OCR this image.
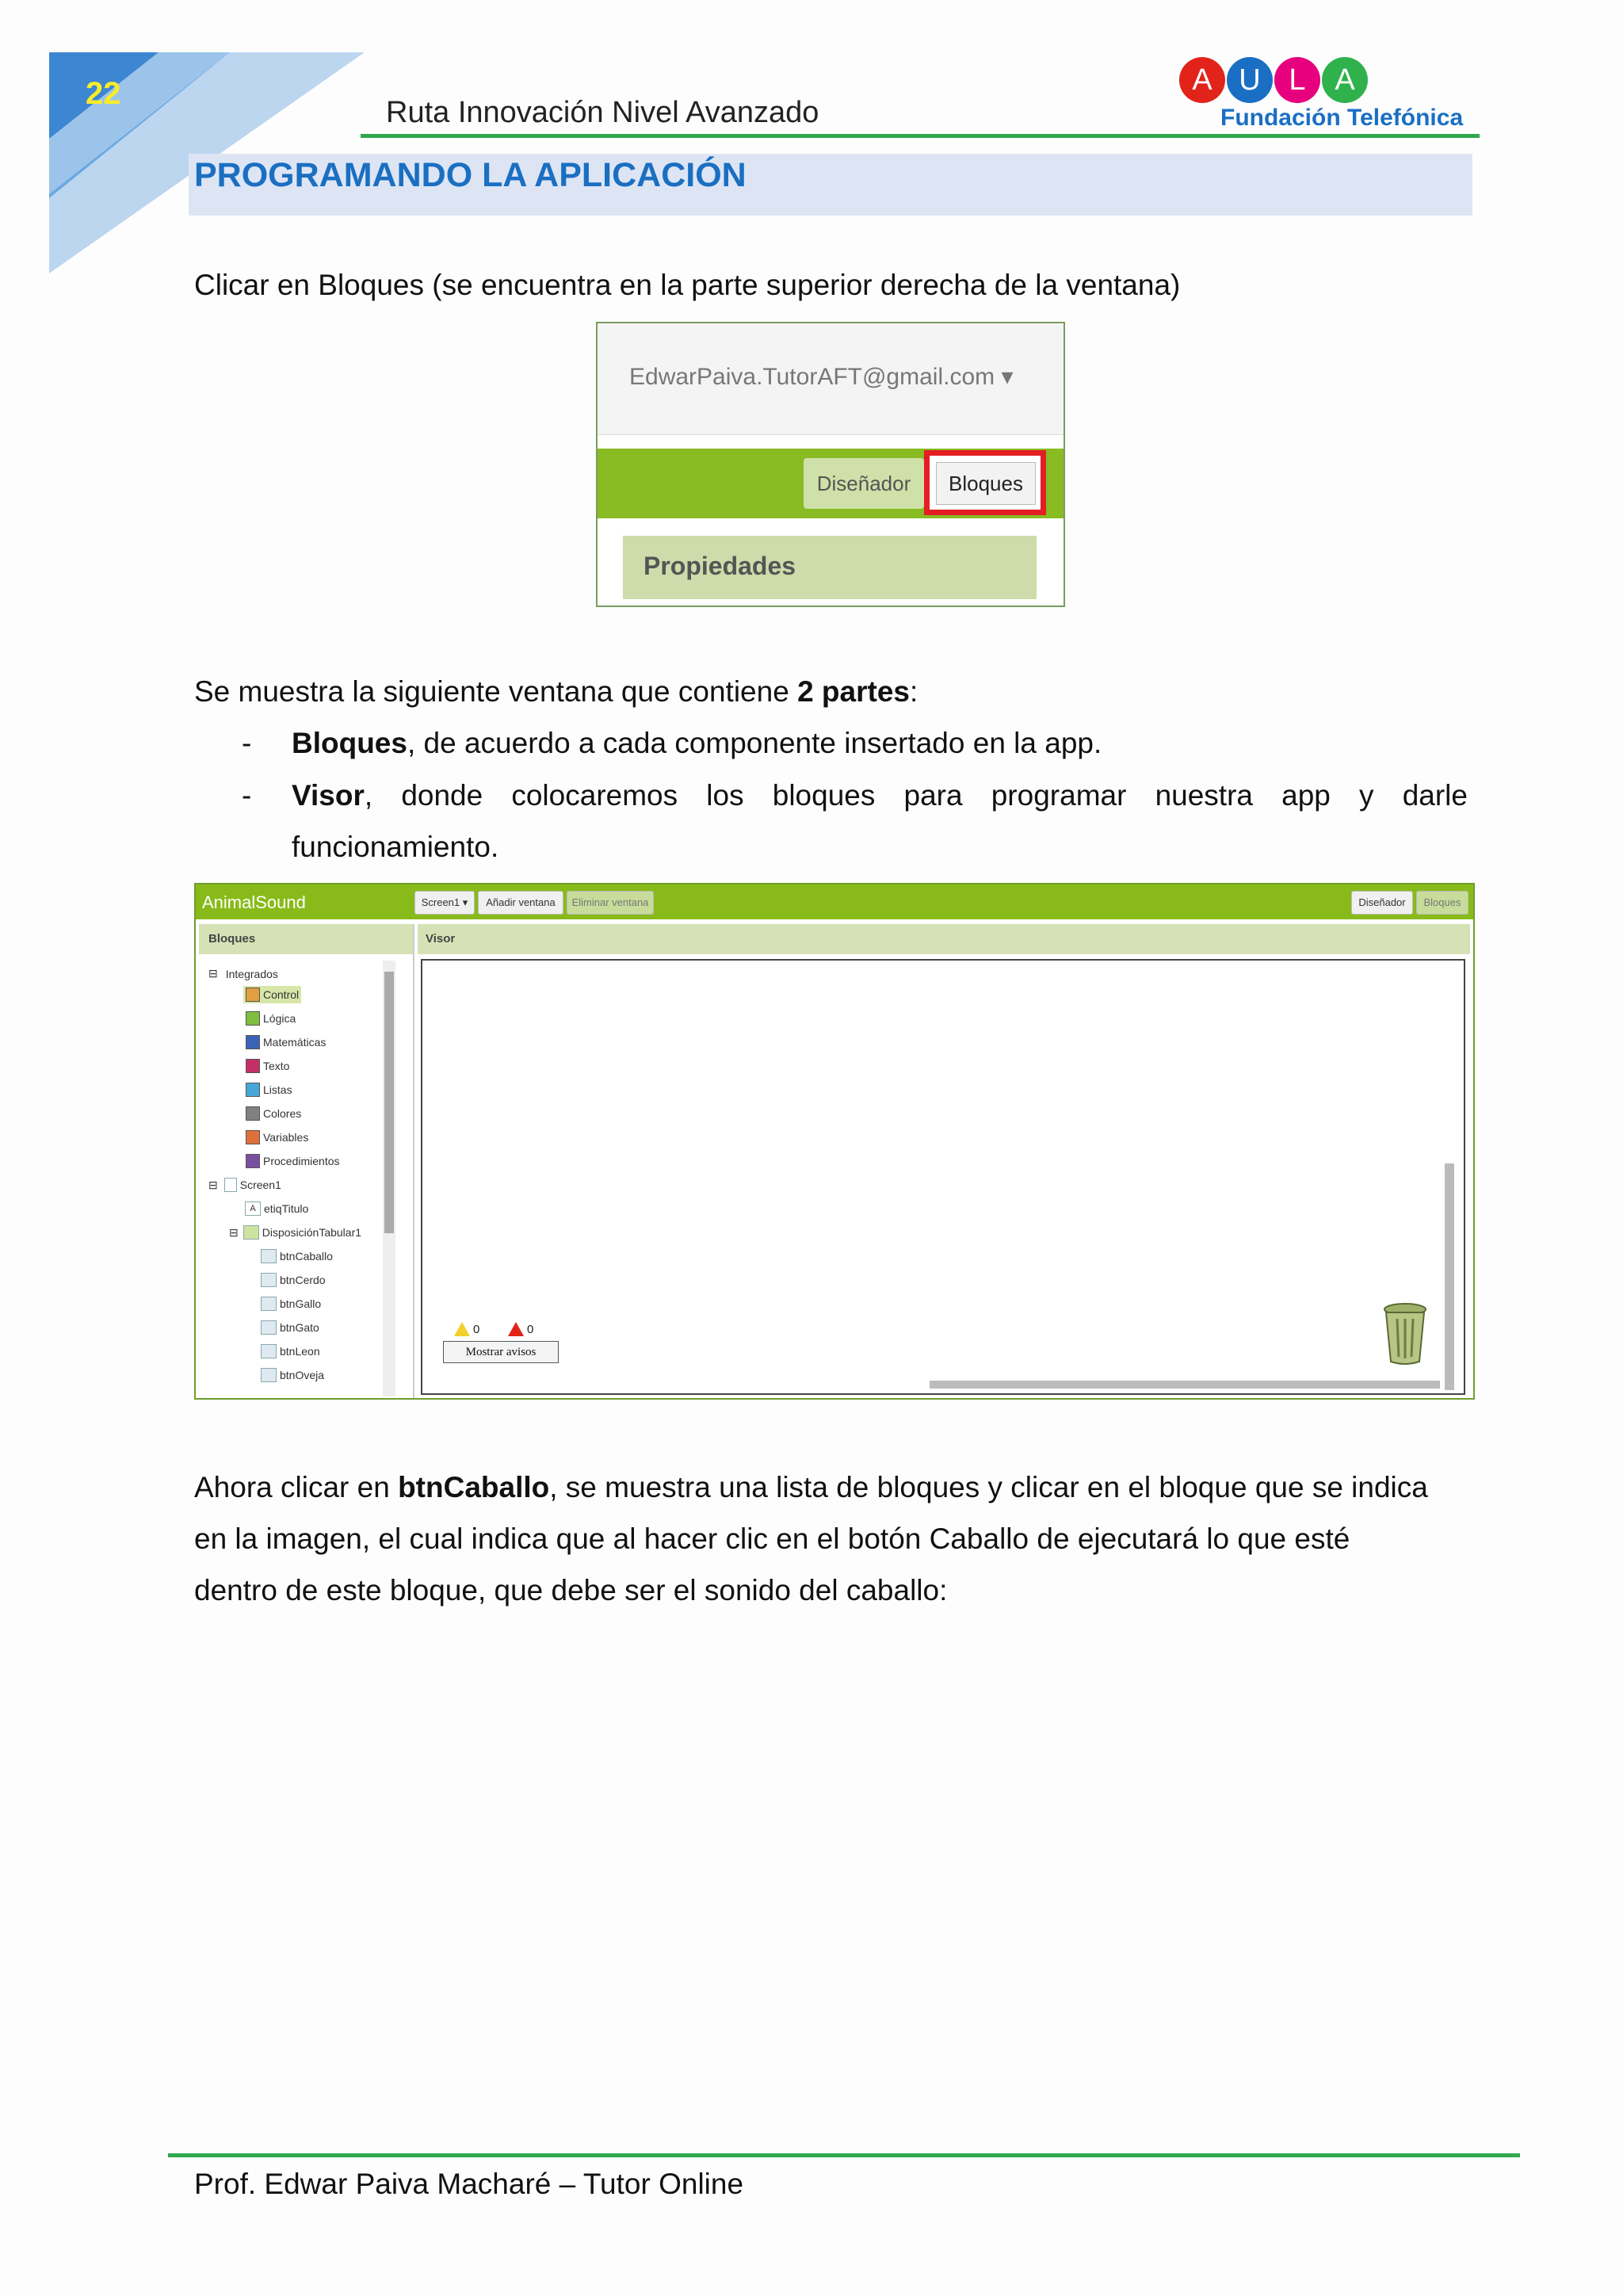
22
Ruta Innovación Nivel Avanzado
A U L A
Fundación Telefónica
PROGRAMANDO LA APLICACIÓN
Clicar en Bloques (se encuentra en la parte superior derecha de la ventana)
EdwarPaiva.TutorAFT@gmail.com ▾
Diseñador	Bloques
Propiedades
Se muestra la siguiente ventana que contiene 2 partes:
- Bloques, de acuerdo a cada componente insertado en la app.
- Visor, donde colocaremos los bloques para programar nuestra app y darle
funcionamiento.
AnimalSound	Screen1 ▾	Añadir ventana	Eliminar ventana	Diseñador	Bloques
Bloques
⊟ Integrados
Control
Lógica
Matemáticas
Texto
Listas
Colores
Variables
Procedimientos
⊟ Screen1
A etiqTitulo
⊟ DisposiciónTabular1
btnCaballo
btnCerdo
btnGallo
btnGato
btnLeon
btnOveja
Visor
0	0
Mostrar avisos
Ahora clicar en btnCaballo, se muestra una lista de bloques y clicar en el bloque que se indica
en la imagen, el cual indica que al hacer clic en el botón Caballo de ejecutará lo que esté
dentro de este bloque, que debe ser el sonido del caballo:
Prof. Edwar Paiva Macharé – Tutor Online
